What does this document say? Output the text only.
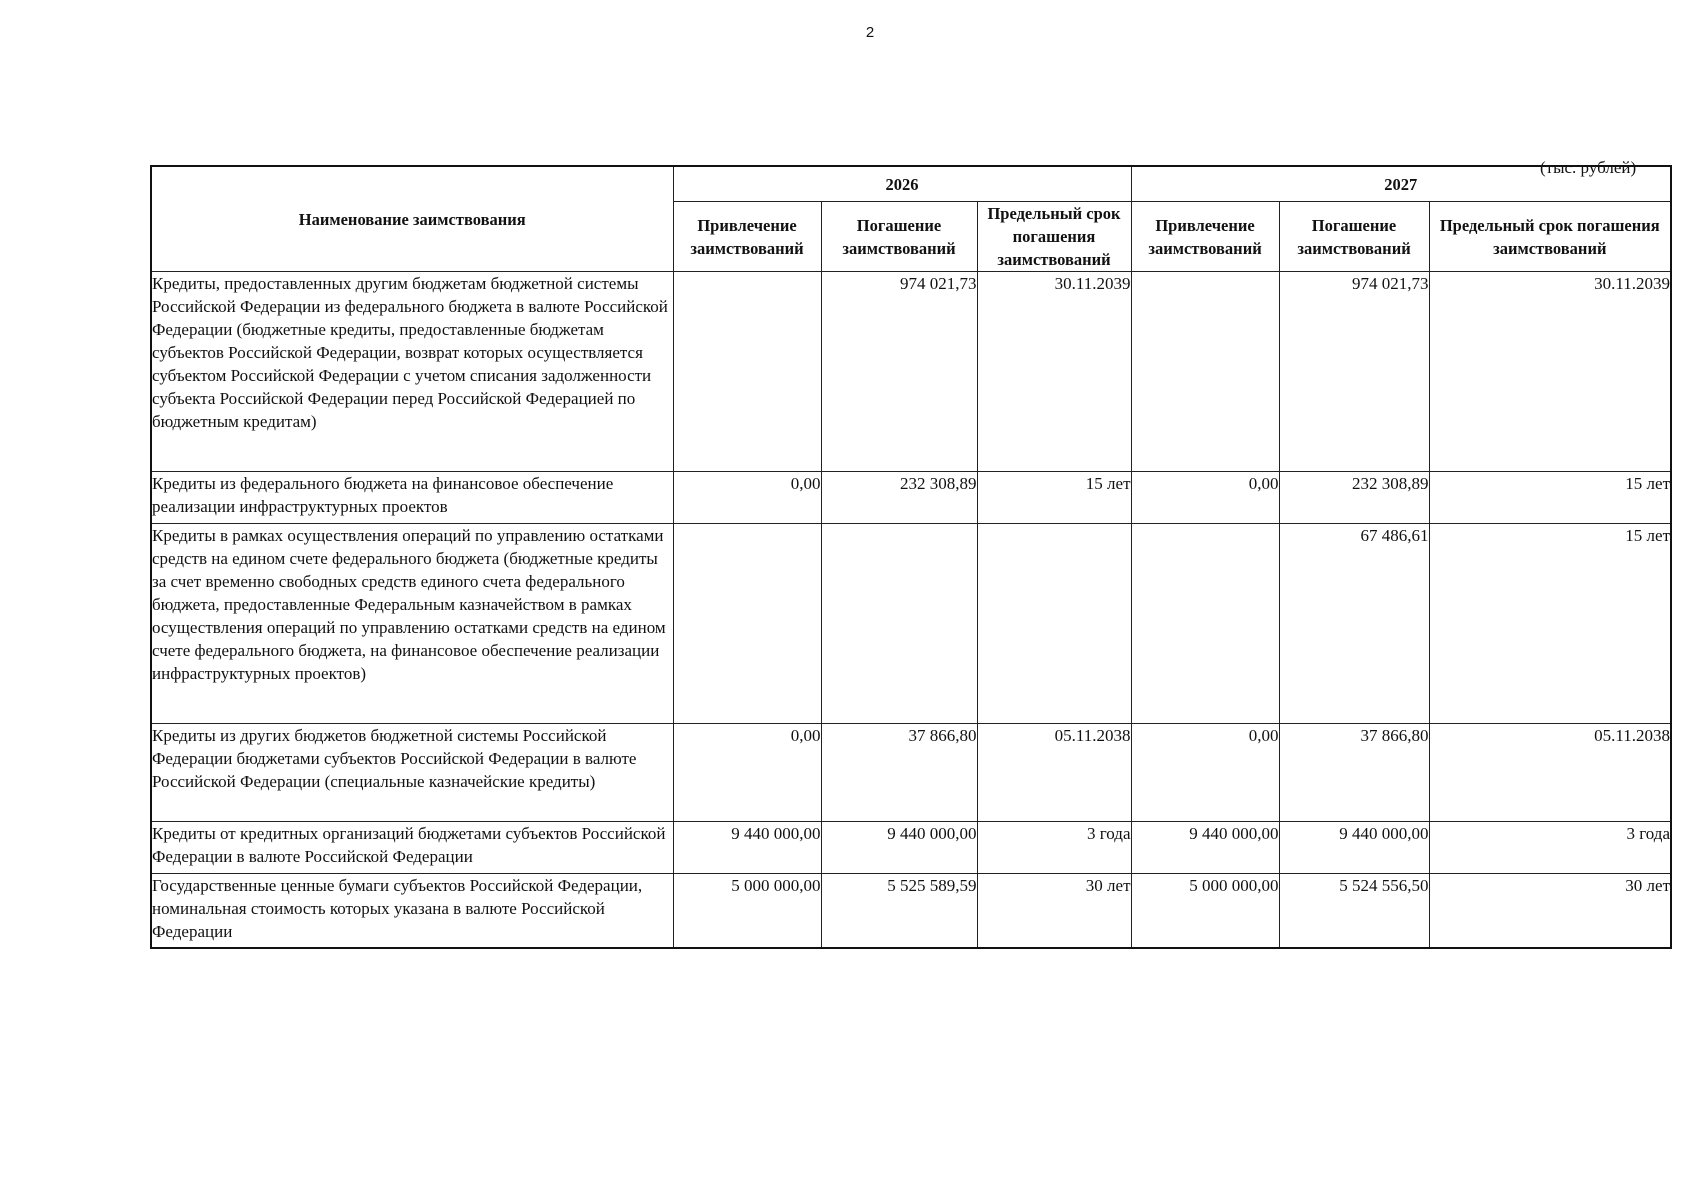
2
(тыс. рублей)
Наименование заимствования	2026			2027		
	Привлечение заимствований	Погашение заимствований	Предельный срок погашения заимствований	Привлечение заимствований	Погашение заимствований	Предельный срок погашения заимствований
Кредиты, предоставленных другим бюджетам бюджетной системы Российской Федерации из федерального бюджета в валюте Российской Федерации (бюджетные кредиты, предоставленные бюджетам субъектов Российской Федерации, возврат которых осуществляется субъектом Российской Федерации с учетом списания задолженности субъекта Российской Федерации перед Российской Федерацией по бюджетным кредитам)		974 021,73	30.11.2039		974 021,73	30.11.2039
Кредиты из федерального бюджета на финансовое обеспечение реализации инфраструктурных проектов	0,00	232 308,89	15 лет	0,00	232 308,89	15 лет
Кредиты в рамках осуществления операций по управлению остатками средств на едином счете федерального бюджета (бюджетные кредиты за счет временно свободных средств единого счета федерального бюджета, предоставленные Федеральным казначейством в рамках осуществления операций по управлению остатками средств на едином счете федерального бюджета, на финансовое обеспечение реализации инфраструктурных проектов)					67 486,61	15 лет
Кредиты из других бюджетов бюджетной системы Российской Федерации бюджетами субъектов Российской Федерации в валюте Российской Федерации (специальные казначейские кредиты)	0,00	37 866,80	05.11.2038	0,00	37 866,80	05.11.2038
Кредиты от кредитных организаций бюджетами субъектов Российской Федерации в валюте Российской Федерации	9 440 000,00	9 440 000,00	3 года	9 440 000,00	9 440 000,00	3 года
Государственные ценные бумаги субъектов Российской Федерации, номинальная стоимость которых указана в валюте Российской Федерации	5 000 000,00	5 525 589,59	30 лет	5 000 000,00	5 524 556,50	30 лет
